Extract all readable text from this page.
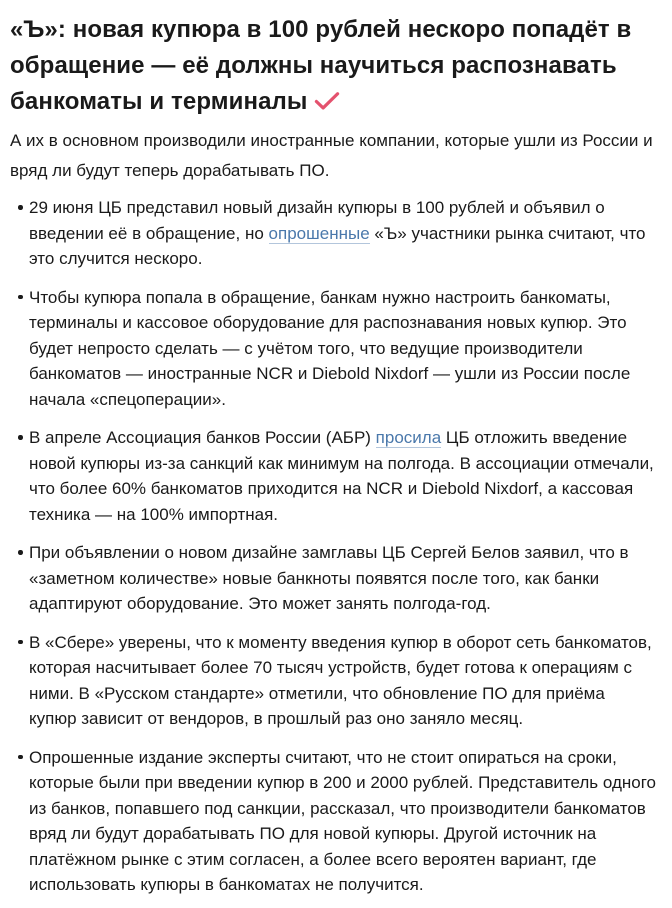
«Ъ»: новая купюра в 100 рублей нескоро попадёт в
обращение — её должны научиться распознавать
банкоматы и терминалы

А их в основном производили иностранные компании, которые ушли из России и вряд ли будут теперь дорабатывать ПО.

29 июня ЦБ представил новый дизайн купюры в 100 рублей и объявил о введении её в обращение, но опрошенные «Ъ» участники рынка считают, что это случится нескоро.
Чтобы купюра попала в обращение, банкам нужно настроить банкоматы, терминалы и кассовое оборудование для распознавания новых купюр. Это будет непросто сделать — с учётом того, что ведущие производители банкоматов — иностранные NCR и Diebold Nixdorf — ушли из России после начала «спецоперации».
В апреле Ассоциация банков России (АБР) просила ЦБ отложить введение новой купюры из-за санкций как минимум на полгода. В ассоциации отмечали, что более 60% банкоматов приходится на NCR и Diebold Nixdorf, а кассовая техника — на 100% импортная.
При объявлении о новом дизайне замглавы ЦБ Сергей Белов заявил, что в «заметном количестве» новые банкноты появятся после того, как банки адаптируют оборудование. Это может занять полгода-год.
В «Сбере» уверены, что к моменту введения купюр в оборот сеть банкоматов, которая насчитывает более 70 тысяч устройств, будет готова к операциям с ними. В «Русском стандарте» отметили, что обновление ПО для приёма купюр зависит от вендоров, в прошлый раз оно заняло месяц.
Опрошенные издание эксперты считают, что не стоит опираться на сроки, которые были при введении купюр в 200 и 2000 рублей. Представитель одного из банков, попавшего под санкции, рассказал, что производители банкоматов вряд ли будут дорабатывать ПО для новой купюры. Другой источник на платёжном рынке с этим согласен, а более всего вероятен вариант, где использовать купюры в банкоматах не получится.
